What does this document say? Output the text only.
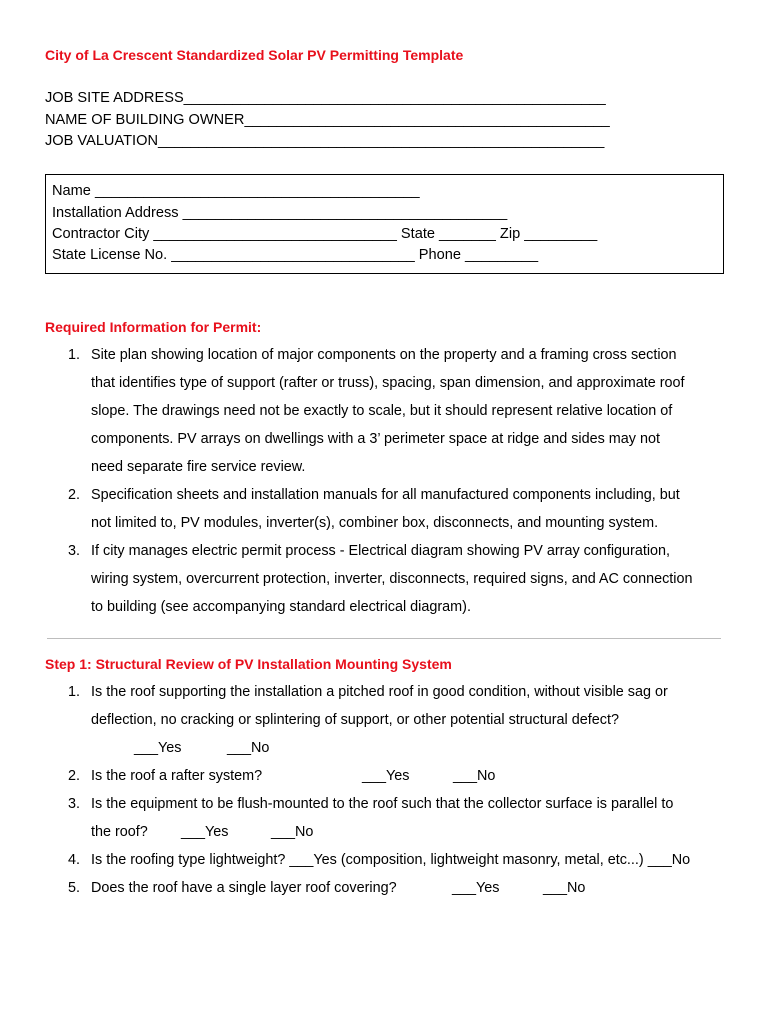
City of La Crescent Standardized Solar PV Permitting Template
JOB SITE ADDRESS____________________________________________________
NAME OF BUILDING OWNER_____________________________________________
JOB VALUATION_______________________________________________________
Name ________________________________________
Installation Address ________________________________________
Contractor City ______________________________ State _______ Zip _________
State License No. ______________________________ Phone _________
Required Information for Permit:
1. Site plan showing location of major components on the property and a framing cross section
that identifies type of support (rafter or truss), spacing, span dimension, and approximate roof
slope. The drawings need not be exactly to scale, but it should represent relative location of
components. PV arrays on dwellings with a 3’ perimeter space at ridge and sides may not
need separate fire service review.
2. Specification sheets and installation manuals for all manufactured components including, but
not limited to, PV modules, inverter(s), combiner box, disconnects, and mounting system.
3. If city manages electric permit process - Electrical diagram showing PV array configuration,
wiring system, overcurrent protection, inverter, disconnects, required signs, and AC connection
to building (see accompanying standard electrical diagram).
Step 1: Structural Review of PV Installation Mounting System
1. Is the roof supporting the installation a pitched roof in good condition, without visible sag or
deflection, no cracking or splintering of support, or other potential structural defect?
___Yes	___No
2. Is the roof a rafter system?	___Yes	___No
3. Is the equipment to be flush-mounted to the roof such that the collector surface is parallel to
the roof? ___Yes	___No
4. Is the roofing type lightweight? ___Yes (composition, lightweight masonry, metal, etc...) ___No
5. Does the roof have a single layer roof covering?	___Yes	___No
